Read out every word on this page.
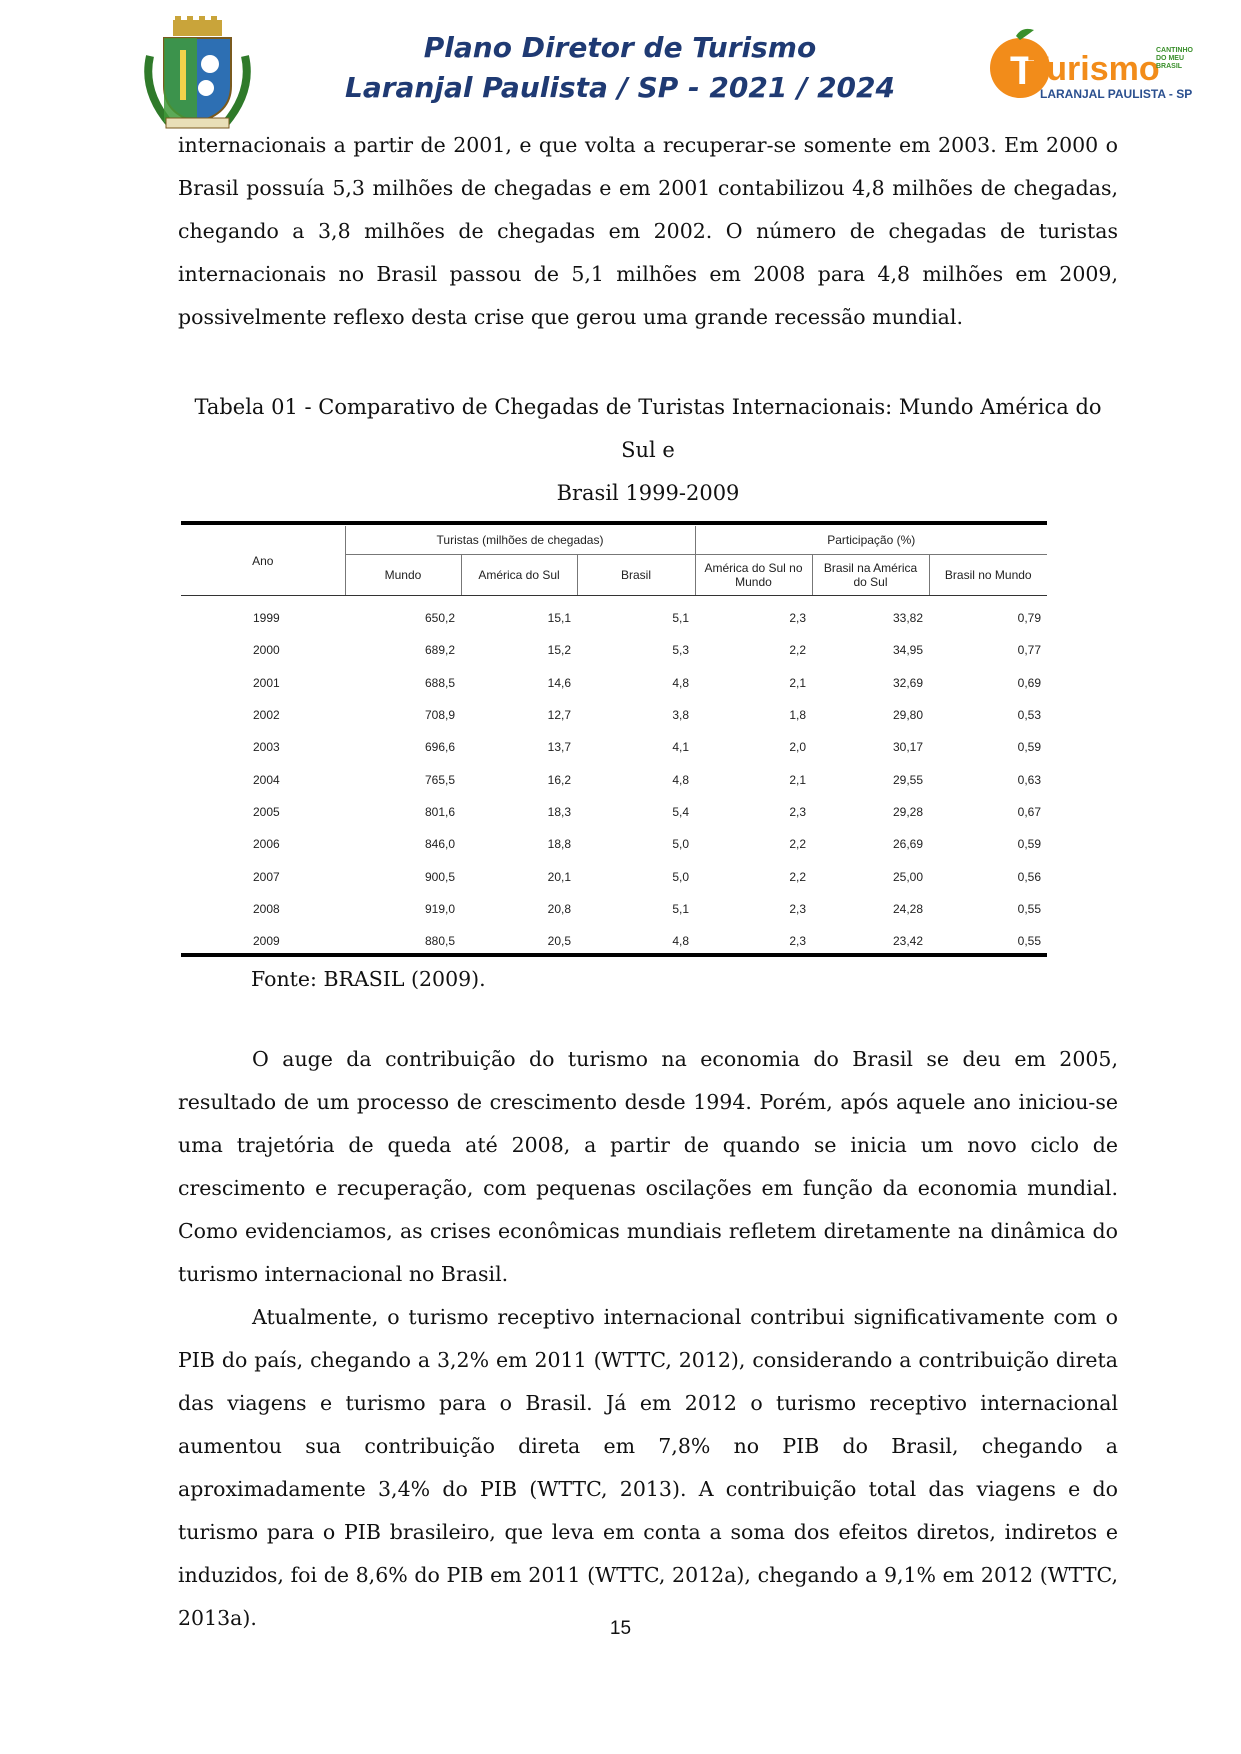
Plano Diretor de Turismo
Laranjal Paulista / SP - 2021 / 2024	T
Turismo
CANTINHO DO MEU BRASIL
LARANJAL PAULISTA - SP

internacionais a partir de 2001, e que volta a recuperar-se somente em 2003. Em 2000 o Brasil possuía 5,3 milhões de chegadas e em 2001 contabilizou 4,8 milhões de chegadas, chegando a 3,8 milhões de chegadas em 2002. O número de chegadas de turistas internacionais no Brasil passou de 5,1 milhões em 2008 para 4,8 milhões em 2009, possivelmente reflexo desta crise que gerou uma grande recessão mundial.

Tabela 01 - Comparativo de Chegadas de Turistas Internacionais: Mundo América do Sul e
Brasil 1999-2009
Ano	Turistas (milhões de chegadas)			Participação (%)		
	Mundo	América do Sul	Brasil	América do Sul no Mundo	Brasil na América do Sul	Brasil no Mundo
1999	650,2	15,1	5,1	2,3	33,82	0,79
2000	689,2	15,2	5,3	2,2	34,95	0,77
2001	688,5	14,6	4,8	2,1	32,69	0,69
2002	708,9	12,7	3,8	1,8	29,80	0,53
2003	696,6	13,7	4,1	2,0	30,17	0,59
2004	765,5	16,2	4,8	2,1	29,55	0,63
2005	801,6	18,3	5,4	2,3	29,28	0,67
2006	846,0	18,8	5,0	2,2	26,69	0,59
2007	900,5	20,1	5,0	2,2	25,00	0,56
2008	919,0	20,8	5,1	2,3	24,28	0,55
2009	880,5	20,5	4,8	2,3	23,42	0,55
Fonte: BRASIL (2009).

O auge da contribuição do turismo na economia do Brasil se deu em 2005, resultado de um processo de crescimento desde 1994. Porém, após aquele ano iniciou-se uma trajetória de queda até 2008, a partir de quando se inicia um novo ciclo de crescimento e recuperação, com pequenas oscilações em função da economia mundial. Como evidenciamos, as crises econômicas mundiais refletem diretamente na dinâmica do turismo internacional no Brasil.

Atualmente, o turismo receptivo internacional contribui significativamente com o PIB do país, chegando a 3,2% em 2011 (WTTC, 2012), considerando a contribuição direta das viagens e turismo para o Brasil. Já em 2012 o turismo receptivo internacional aumentou sua contribuição direta em 7,8% no PIB do Brasil, chegando a aproximadamente 3,4% do PIB (WTTC, 2013). A contribuição total das viagens e do turismo para o PIB brasileiro, que leva em conta a soma dos efeitos diretos, indiretos e induzidos, foi de 8,6% do PIB em 2011 (WTTC, 2012a), chegando a 9,1% em 2012 (WTTC, 2013a).	15
